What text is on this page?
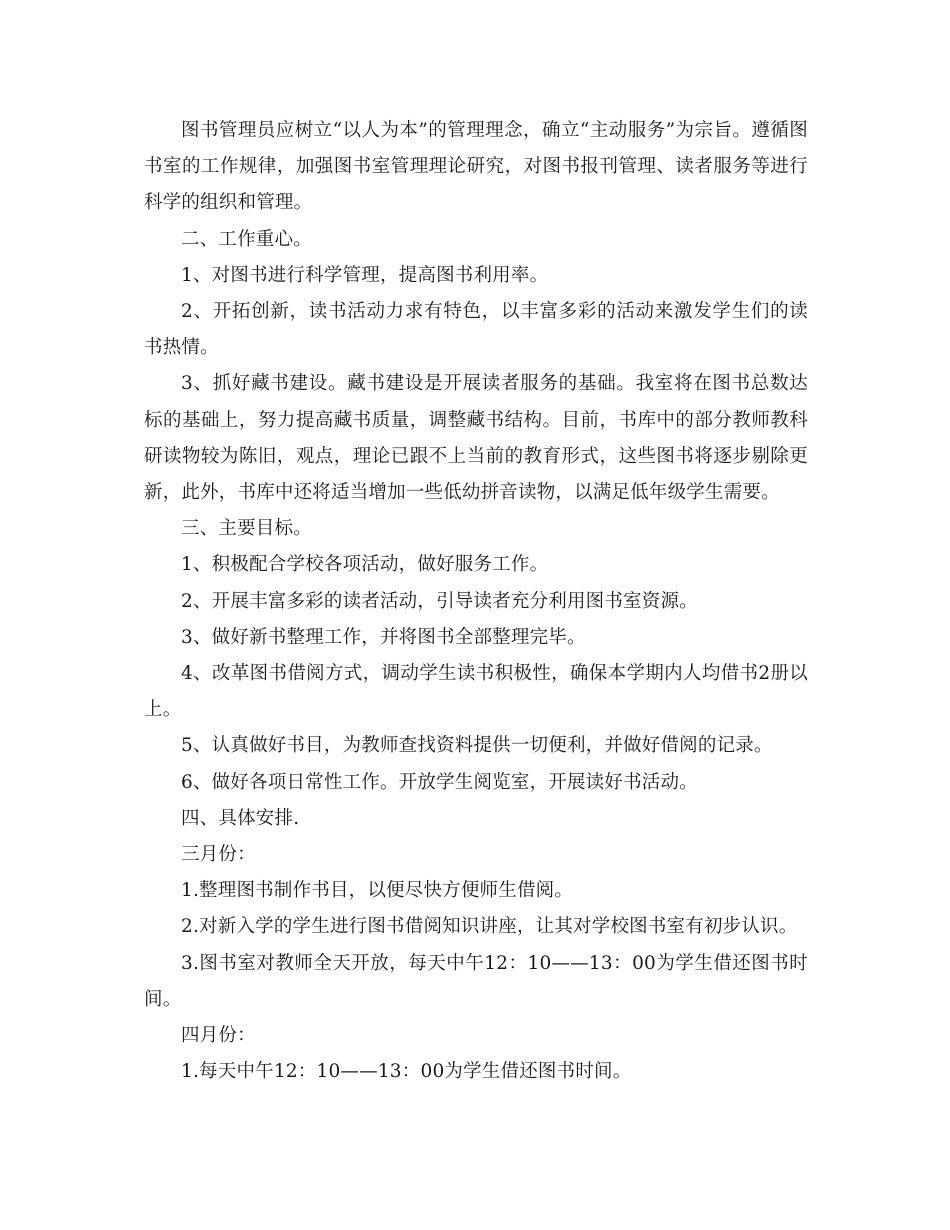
图书管理员应树立“以人为本”的管理理念，确立“主动服务”为宗旨。遵循图书室的工作规律，加强图书室管理理论研究，对图书报刊管理、读者服务等进行科学的组织和管理。

二、工作重心。

1、对图书进行科学管理，提高图书利用率。

2、开拓创新，读书活动力求有特色，以丰富多彩的活动来激发学生们的读书热情。

3、抓好藏书建设。藏书建设是开展读者服务的基础。我室将在图书总数达标的基础上，努力提高藏书质量，调整藏书结构。目前，书库中的部分教师教科研读物较为陈旧，观点，理论已跟不上当前的教育形式，这些图书将逐步剔除更新，此外，书库中还将适当增加一些低幼拼音读物，以满足低年级学生需要。

三、主要目标。

1、积极配合学校各项活动，做好服务工作。

2、开展丰富多彩的读者活动，引导读者充分利用图书室资源。

3、做好新书整理工作，并将图书全部整理完毕。

4、改革图书借阅方式，调动学生读书积极性，确保本学期内人均借书2册以上。

5、认真做好书目，为教师查找资料提供一切便利，并做好借阅的记录。

6、做好各项日常性工作。开放学生阅览室，开展读好书活动。

四、具体安排.

三月份：

1.整理图书制作书目，以便尽快方便师生借阅。

2.对新入学的学生进行图书借阅知识讲座，让其对学校图书室有初步认识。

3.图书室对教师全天开放，每天中午12：10——13：00为学生借还图书时间。

四月份：

1.每天中午12：10——13：00为学生借还图书时间。
